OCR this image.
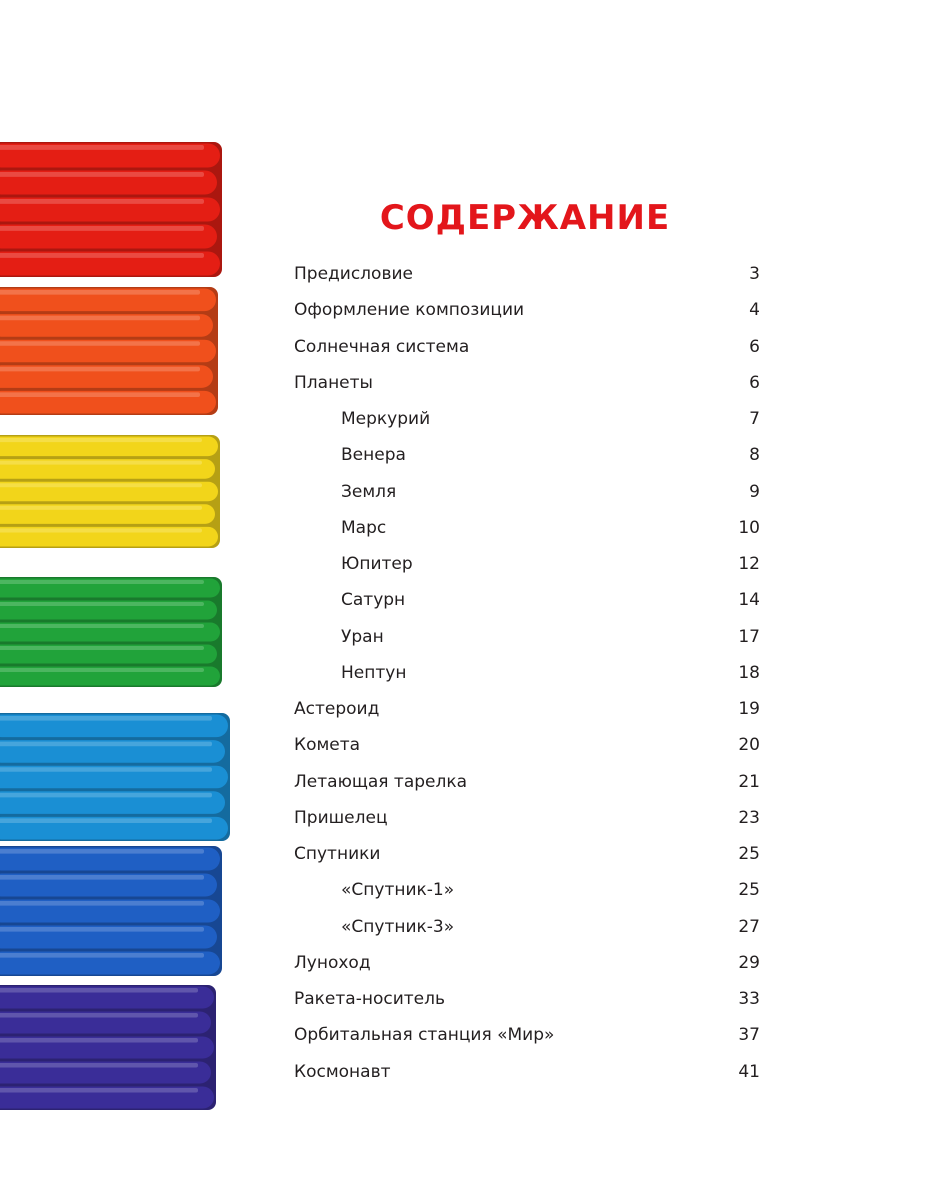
СОДЕРЖАНИЕ
Предисловие	3
Оформление композиции	4
Солнечная система	6
Планеты	6
Меркурий	7
Венера	8
Земля	9
Марс	10
Юпитер	12
Сатурн	14
Уран	17
Нептун	18
Астероид	19
Комета	20
Летающая тарелка	21
Пришелец	23
Спутники	25
«Спутник-1»	25
«Спутник-3»	27
Луноход	29
Ракета-носитель	33
Орбитальная станция «Мир»	37
Космонавт	41
